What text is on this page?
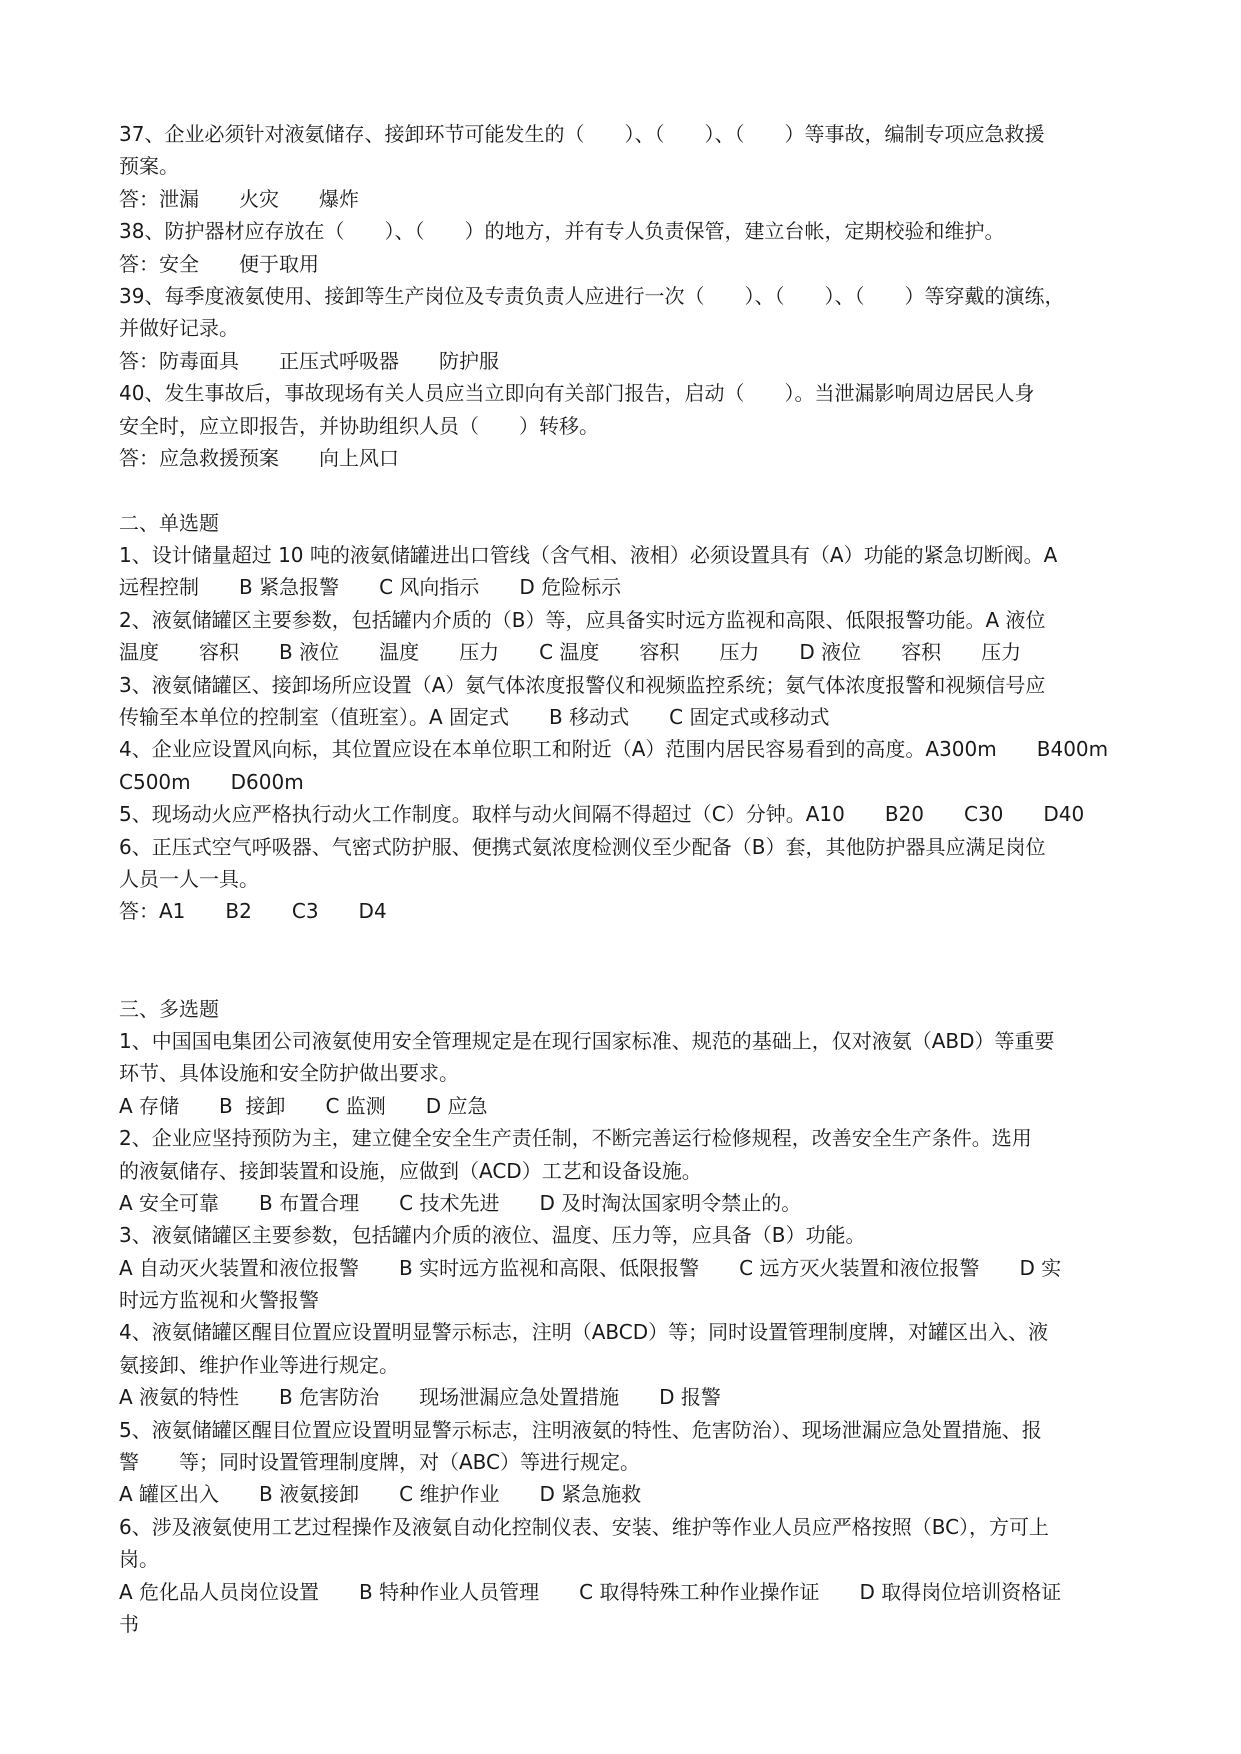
37、企业必须针对液氨储存、接卸环节可能发生的（　　）、（　　）、（　　）等事故，编制专项应急救援
预案。
答：泄漏　　火灾　　爆炸
38、防护器材应存放在（　　）、（　　）的地方，并有专人负责保管，建立台帐，定期校验和维护。
答：安全　　便于取用
39、每季度液氨使用、接卸等生产岗位及专责负责人应进行一次（　　）、（　　）、（　　）等穿戴的演练，
并做好记录。
答：防毒面具　　正压式呼吸器　　防护服
40、发生事故后，事故现场有关人员应当立即向有关部门报告，启动（　　）。当泄漏影响周边居民人身
安全时，应立即报告，并协助组织人员（　　）转移。
答：应急救援预案　　向上风口
二、单选题
1、设计储量超过 10 吨的液氨储罐进出口管线（含气相、液相）必须设置具有（A）功能的紧急切断阀。A
远程控制　　B 紧急报警　　C 风向指示　　D 危险标示
2、液氨储罐区主要参数，包括罐内介质的（B）等，应具备实时远方监视和高限、低限报警功能。A 液位
温度　　容积　　B 液位　　温度　　压力　　C 温度　　容积　　压力　　D 液位　　容积　　压力
3、液氨储罐区、接卸场所应设置（A）氨气体浓度报警仪和视频监控系统；氨气体浓度报警和视频信号应
传输至本单位的控制室（值班室）。A 固定式　　B 移动式　　C 固定式或移动式
4、企业应设置风向标，其位置应设在本单位职工和附近（A）范围内居民容易看到的高度。A300m　　B400m
C500m　　D600m
5、现场动火应严格执行动火工作制度。取样与动火间隔不得超过（C）分钟。A10　　B20　　C30　　D40
6、正压式空气呼吸器、气密式防护服、便携式氨浓度检测仪至少配备（B）套，其他防护器具应满足岗位
人员一人一具。
答：A1　　B2　　C3　　D4
三、多选题
1、中国国电集团公司液氨使用安全管理规定是在现行国家标准、规范的基础上，仅对液氨（ABD）等重要
环节、具体设施和安全防护做出要求。
A 存储　　B  接卸　　C 监测　　D 应急
2、企业应坚持预防为主，建立健全安全生产责任制，不断完善运行检修规程，改善安全生产条件。选用
的液氨储存、接卸装置和设施，应做到（ACD）工艺和设备设施。
A 安全可靠　　B 布置合理　　C 技术先进　　D 及时淘汰国家明令禁止的。
3、液氨储罐区主要参数，包括罐内介质的液位、温度、压力等，应具备（B）功能。
A 自动灭火装置和液位报警　　B 实时远方监视和高限、低限报警　　C 远方灭火装置和液位报警　　D 实
时远方监视和火警报警
4、液氨储罐区醒目位置应设置明显警示标志，注明（ABCD）等；同时设置管理制度牌，对罐区出入、液
氨接卸、维护作业等进行规定。
A 液氨的特性　　B 危害防治　　现场泄漏应急处置措施　　D 报警
5、液氨储罐区醒目位置应设置明显警示标志，注明液氨的特性、危害防治）、现场泄漏应急处置措施、报
警　　等；同时设置管理制度牌，对（ABC）等进行规定。
A 罐区出入　　B 液氨接卸　　C 维护作业　　D 紧急施救
6、涉及液氨使用工艺过程操作及液氨自动化控制仪表、安装、维护等作业人员应严格按照（BC），方可上
岗。
A 危化品人员岗位设置　　B 特种作业人员管理　　C 取得特殊工种作业操作证　　D 取得岗位培训资格证
书
